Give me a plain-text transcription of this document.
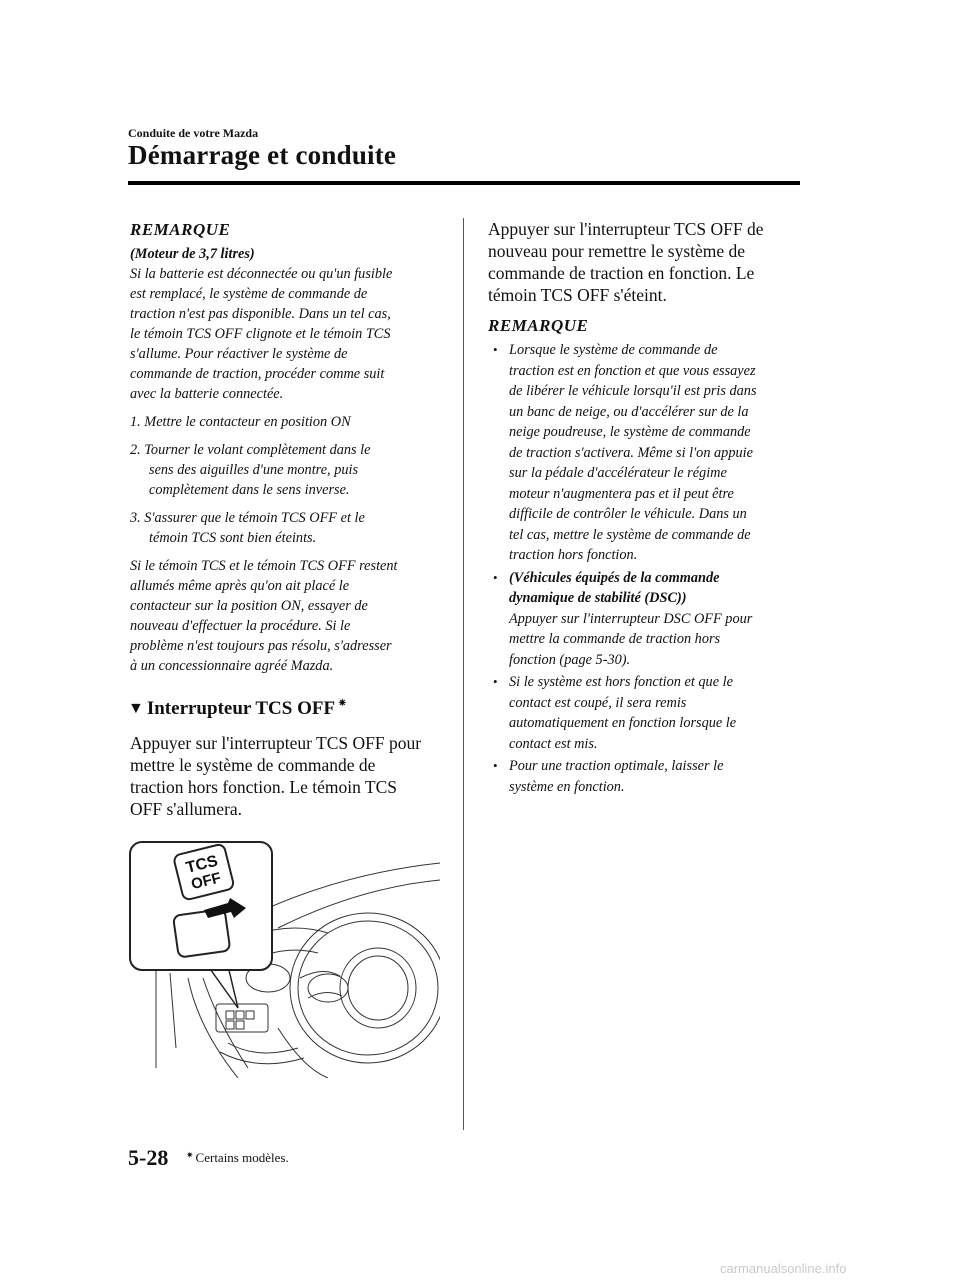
Conduite de votre Mazda
Démarrage et conduite
REMARQUE

(Moteur de 3,7 litres)

Si la batterie est déconnectée ou qu'un fusible
est remplacé, le système de commande de
traction n'est pas disponible. Dans un tel cas,
le témoin TCS OFF clignote et le témoin TCS
s'allume. Pour réactiver le système de
commande de traction, procéder comme suit
avec la batterie connectée.
1. Mettre le contacteur en position ON
2. Tourner le volant complètement dans le
sens des aiguilles d'une montre, puis
complètement dans le sens inverse.
3. S'assurer que le témoin TCS OFF et le
témoin TCS sont bien éteints.
Si le témoin TCS et le témoin TCS OFF restent
allumés même après qu'on ait placé le
contacteur sur la position ON, essayer de
nouveau d'effectuer la procédure. Si le
problème n'est toujours pas résolu, s'adresser
à un concessionnaire agréé Mazda.
▼ Interrupteur TCS OFF ✷
Appuyer sur l'interrupteur TCS OFF pour
mettre le système de commande de
traction hors fonction. Le témoin TCS
OFF s'allumera.
TCS
OFF
Appuyer sur l'interrupteur TCS OFF de
nouveau pour remettre le système de
commande de traction en fonction. Le
témoin TCS OFF s'éteint.
REMARQUE
• Lorsque le système de commande de
traction est en fonction et que vous essayez
de libérer le véhicule lorsqu'il est pris dans
un banc de neige, ou d'accélérer sur de la
neige poudreuse, le système de commande
de traction s'activera. Même si l'on appuie
sur la pédale d'accélérateur le régime
moteur n'augmentera pas et il peut être
difficile de contrôler le véhicule. Dans un
tel cas, mettre le système de commande de
traction hors fonction.
• (Véhicules équipés de la commande
dynamique de stabilité (DSC))
Appuyer sur l'interrupteur DSC OFF pour
mettre la commande de traction hors
fonction (page 5-30).
• Si le système est hors fonction et que le
contact est coupé, il sera remis
automatiquement en fonction lorsque le
contact est mis.
• Pour une traction optimale, laisser le
système en fonction.
5-28 ✷ Certains modèles.
carmanualsonline.info
